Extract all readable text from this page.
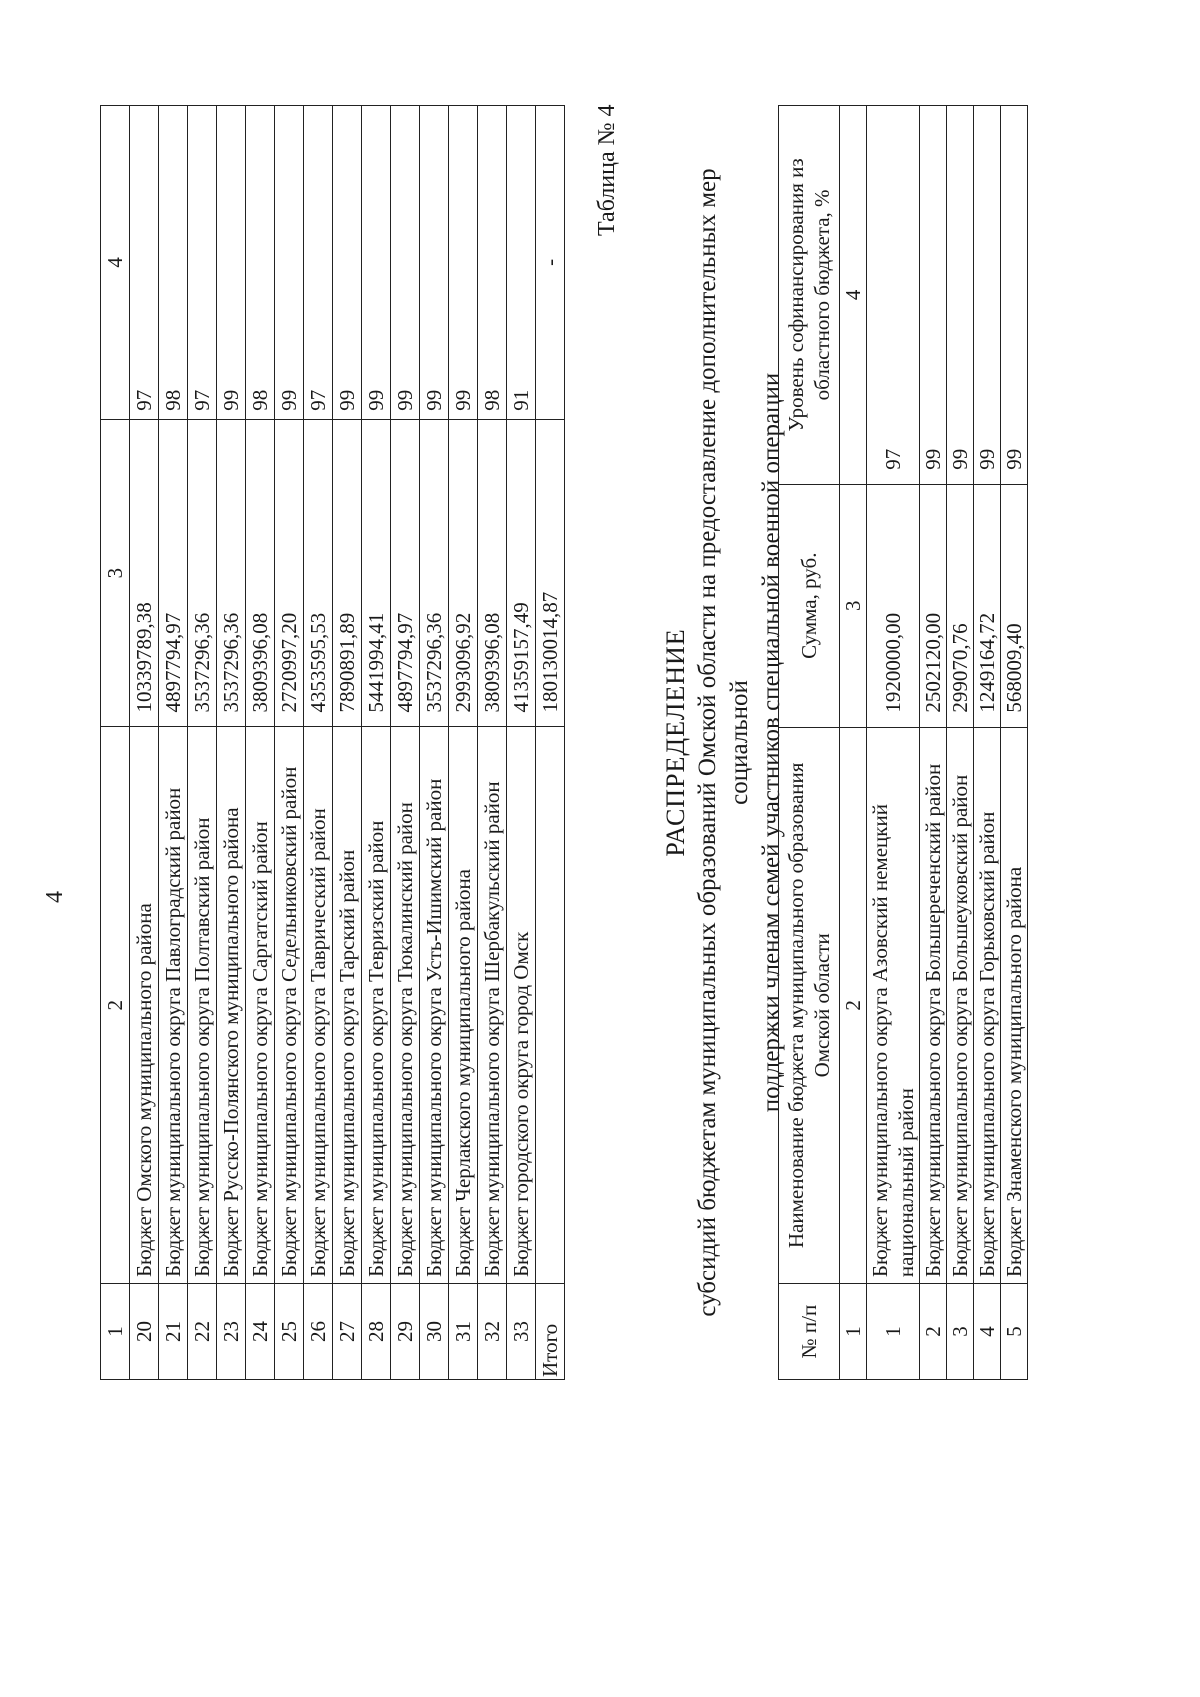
4
1	2	3	4
20	Бюджет Омского муниципального района	10339789,38	97
21	Бюджет муниципального округа Павлоградский район	4897794,97	98
22	Бюджет муниципального округа Полтавский район	3537296,36	97
23	Бюджет Русско-Полянского муниципального района	3537296,36	99
24	Бюджет муниципального округа Саргатский район	3809396,08	98
25	Бюджет муниципального округа Седельниковский район	2720997,20	99
26	Бюджет муниципального округа Таврический район	4353595,53	97
27	Бюджет муниципального округа Тарский район	7890891,89	99
28	Бюджет муниципального округа Тевризский район	5441994,41	99
29	Бюджет муниципального округа Тюкалинский район	4897794,97	99
30	Бюджет муниципального округа Усть-Ишимский район	3537296,36	99
31	Бюджет Черлакского муниципального района	2993096,92	99
32	Бюджет муниципального округа Шербакульский район	3809396,08	98
33	Бюджет городского округа город Омск	41359157,49	91
Итого		180130014,87	-
Таблица № 4
РАСПРЕДЕЛЕНИЕ субсидий бюджетам муниципальных образований Омской области на предоставление дополнительных мер социальной поддержки членам семей участников специальной военной операции
№ п/п	Наименование бюджета муниципального образования Омской области	Сумма, руб.	Уровень софинансирования из областного бюджета, %
1	2	3	4
1	Бюджет муниципального округа Азовский немецкий национальный район	1920000,00	97
2	Бюджет муниципального округа Большереченский район	2502120,00	99
3	Бюджет муниципального округа Большеуковский район	299070,76	99
4	Бюджет муниципального округа Горьковский район	1249164,72	99
5	Бюджет Знаменского муниципального района	568009,40	99
